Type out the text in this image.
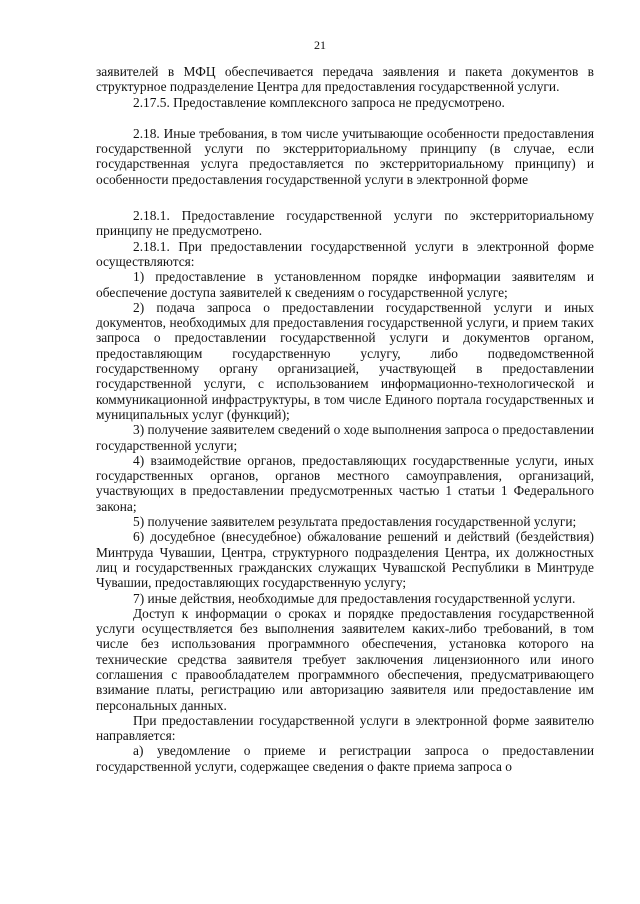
21

заявителей в МФЦ обеспечивается передача заявления и пакета документов в структурное подразделение Центра для предоставления государственной услуги.

2.17.5. Предоставление комплексного запроса не предусмотрено.

2.18. Иные требования, в том числе учитывающие особенности предоставления государственной услуги по экстерриториальному принципу (в случае, если государственная услуга предоставляется по экстерриториальному принципу) и особенности предоставления государственной услуги в электронной форме

2.18.1. Предоставление государственной услуги по экстерриториальному принципу не предусмотрено.

2.18.1. При предоставлении государственной услуги в электронной форме осуществляются:

1) предоставление в установленном порядке информации заявителям и обеспечение доступа заявителей к сведениям о государственной услуге;

2) подача запроса о предоставлении государственной услуги и иных документов, необходимых для предоставления государственной услуги, и прием таких запроса о предоставлении государственной услуги и документов органом, предоставляющим государственную услугу, либо подведомственной государственному органу организацией, участвующей в предоставлении государственной услуги, с использованием информационно-технологической и коммуникационной инфраструктуры, в том числе Единого портала государственных и муниципальных услуг (функций);

3) получение заявителем сведений о ходе выполнения запроса о предоставлении государственной услуги;

4) взаимодействие органов, предоставляющих государственные услуги, иных государственных органов, органов местного самоуправления, организаций, участвующих в предоставлении предусмотренных частью 1 статьи 1 Федерального закона;

5) получение заявителем результата предоставления государственной услуги;

6) досудебное (внесудебное) обжалование решений и действий (бездействия) Минтруда Чувашии, Центра, структурного подразделения Центра, их должностных лиц и государственных гражданских служащих Чувашской Республики в Минтруде Чувашии, предоставляющих государственную услугу;

7) иные действия, необходимые для предоставления государственной услуги.

Доступ к информации о сроках и порядке предоставления государственной услуги осуществляется без выполнения заявителем каких-либо требований, в том числе без использования программного обеспечения, установка которого на технические средства заявителя требует заключения лицензионного или иного соглашения с правообладателем программного обеспечения, предусматривающего взимание платы, регистрацию или авторизацию заявителя или предоставление им персональных данных.

При предоставлении государственной услуги в электронной форме заявителю направляется:

а) уведомление о приеме и регистрации запроса о предоставлении государственной услуги, содержащее сведения о факте приема запроса о
